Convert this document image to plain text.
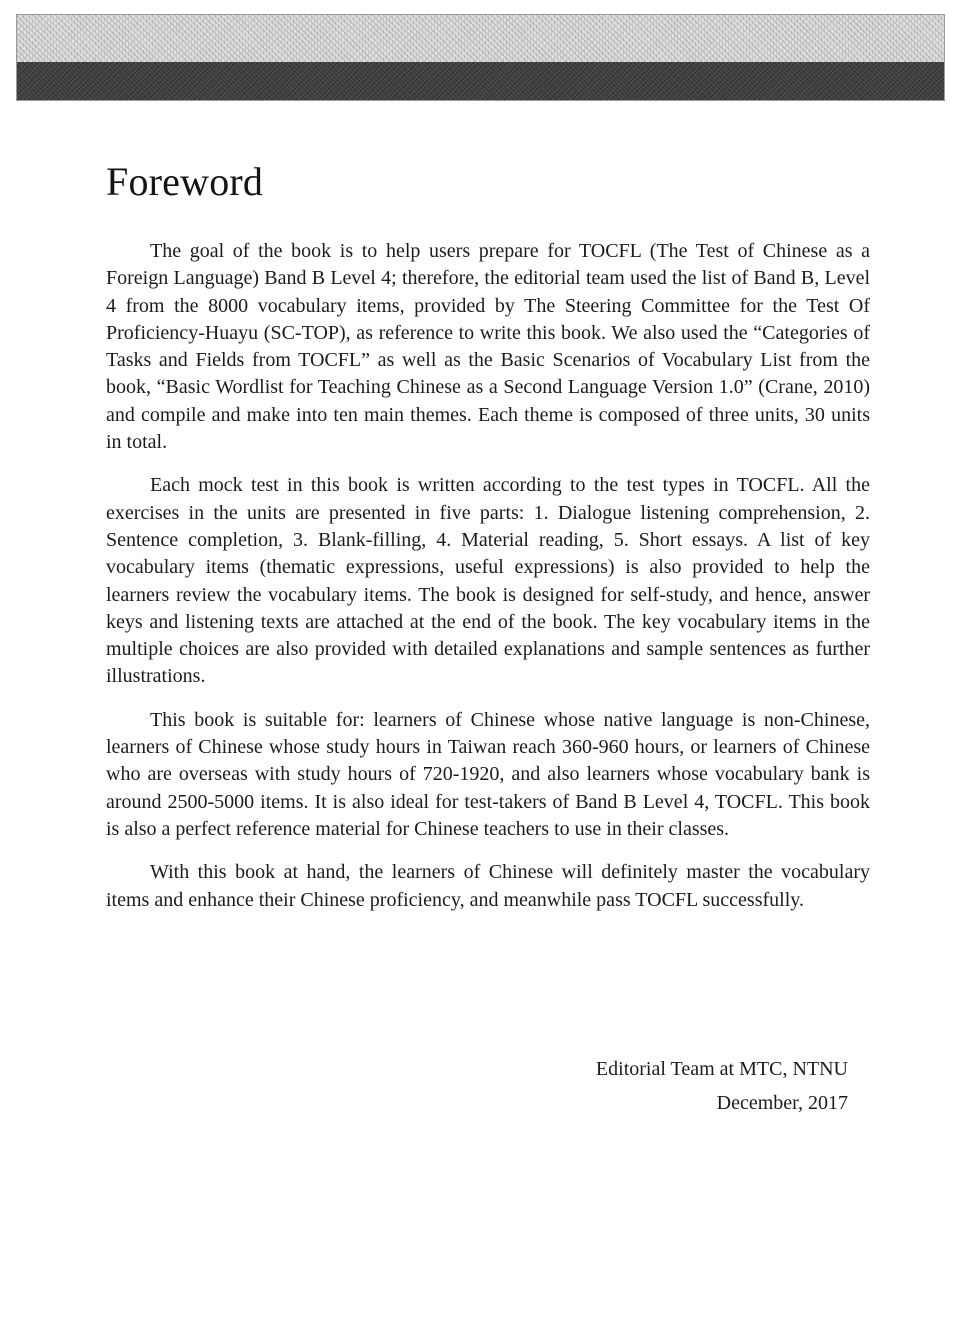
Foreword

The goal of the book is to help users prepare for TOCFL (The Test of Chinese as a Foreign Language) Band B Level 4; therefore, the editorial team used the list of Band B, Level 4 from the 8000 vocabulary items, provided by The Steering Committee for the Test Of Proficiency-Huayu (SC-TOP), as reference to write this book. We also used the “Categories of Tasks and Fields from TOCFL” as well as the Basic Scenarios of Vocabulary List from the book, “Basic Wordlist for Teaching Chinese as a Second Language Version 1.0” (Crane, 2010) and compile and make into ten main themes. Each theme is composed of three units, 30 units in total.

Each mock test in this book is written according to the test types in TOCFL. All the exercises in the units are presented in five parts: 1. Dialogue listening comprehension, 2. Sentence completion, 3. Blank-filling, 4. Material reading, 5. Short essays. A list of key vocabulary items (thematic expressions, useful expressions) is also provided to help the learners review the vocabulary items. The book is designed for self-study, and hence, answer keys and listening texts are attached at the end of the book. The key vocabulary items in the multiple choices are also provided with detailed explanations and sample sentences as further illustrations.

This book is suitable for: learners of Chinese whose native language is non-Chinese, learners of Chinese whose study hours in Taiwan reach 360-960 hours, or learners of Chinese who are overseas with study hours of 720-1920, and also learners whose vocabulary bank is around 2500-5000 items. It is also ideal for test-takers of Band B Level 4, TOCFL. This book is also a perfect reference material for Chinese teachers to use in their classes.

With this book at hand, the learners of Chinese will definitely master the vocabulary items and enhance their Chinese proficiency, and meanwhile pass TOCFL successfully.

Editorial Team at MTC, NTNU
December, 2017
